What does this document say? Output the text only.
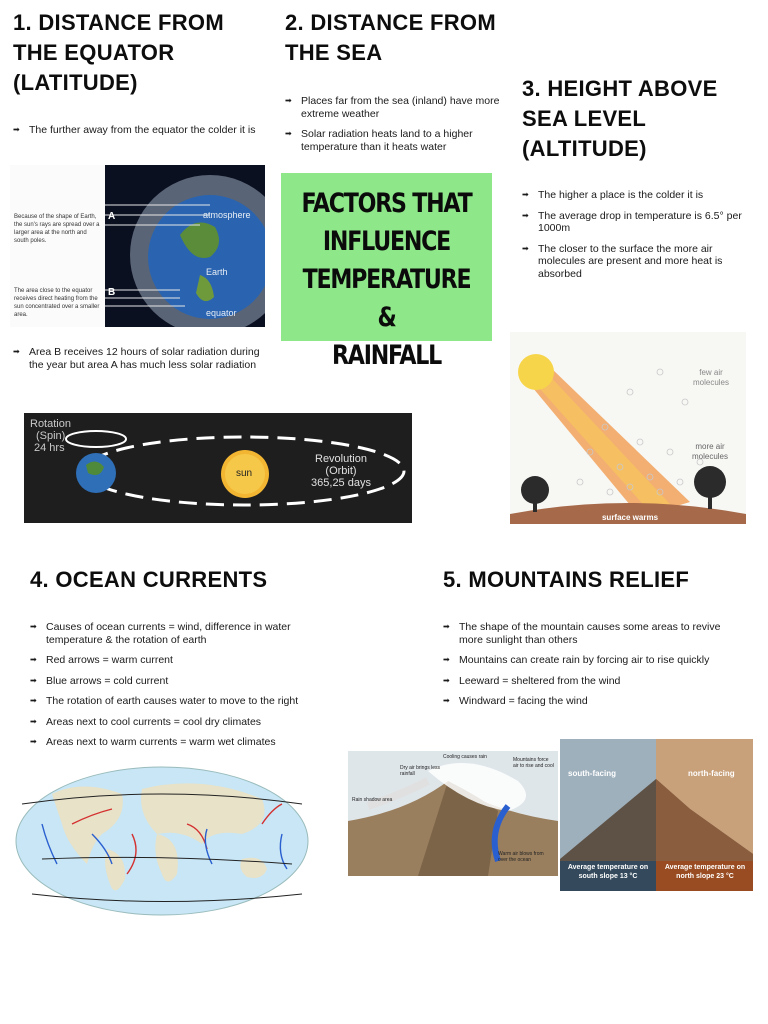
1. DISTANCE FROM THE EQUATOR (LATITUDE)
➡ The further away from the equator the colder it is
A
B
atmosphere
Earth
equator
Because of the shape of Earth, the sun's rays are spread over a larger area at the north and south poles.
The area close to the equator receives direct heating from the sun concentrated over a smaller area.
➡ Area B receives 12 hours of solar radiation during the year but area A has much less solar radiation
Rotation
(Spin)
24 hrs
sun
Revolution
(Orbit)
365,25 days
2. DISTANCE FROM THE SEA
➡ Places far from the sea (inland) have more extreme weather
➡ Solar radiation heats land to a higher temperature than it heats water
FACTORS THAT
INFLUENCE
TEMPERATURE &
RAINFALL
3. HEIGHT ABOVE SEA LEVEL (ALTITUDE)
➡ The higher a place is the colder it is
➡ The average drop in temperature is 6.5° per 1000m
➡ The closer to the surface the more air molecules are present and more heat is absorbed
few air
molecules
more air
molecules
surface warms
4. OCEAN CURRENTS
➡ Causes of ocean currents = wind, difference in water temperature & the rotation of earth
➡ Red arrows = warm current
➡ Blue arrows = cold current
➡ The rotation of earth causes water to move to the right
➡ Areas next to cool currents = cool dry climates
➡ Areas next to warm currents = warm wet climates
5. MOUNTAINS RELIEF
➡ The shape of the mountain causes some areas to revive more sunlight than others
➡ Mountains can create rain by forcing air to rise quickly
➡ Leeward = sheltered from the wind
➡ Windward = facing the wind
Rain shadow area
Cooling causes rain
Dry air brings less rainfall
Mountains force air to rise and cool
Warm air blows from over the ocean
south-facing	north-facing
Average temperature on south slope 13 °C
Average temperature on north slope 23 °C
